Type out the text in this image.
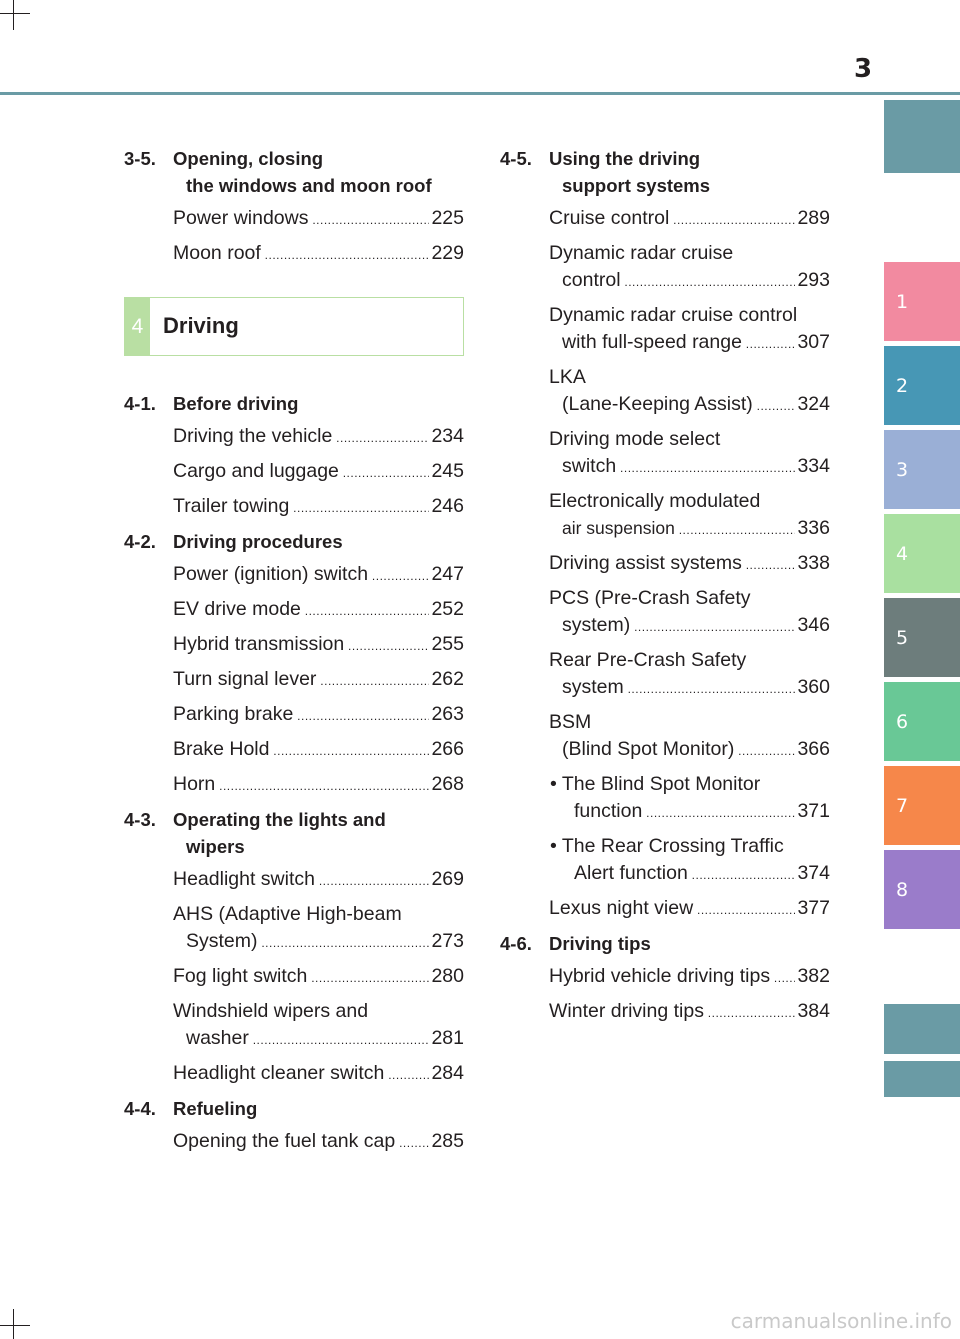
3
1
2
3
4
5
6
7
8
3-5. Opening, closing
the windows and moon roof
Power windows .....	225
Moon roof .....	229
4-1. Before driving
Driving the vehicle .....	234
Cargo and luggage .....	245
Trailer towing .....	246
4-2. Driving procedures
Power (ignition) switch .....	247
EV drive mode .....	252
Hybrid transmission .....	255
Turn signal lever .....	262
Parking brake .....	263
Brake Hold .....	266
Horn .....	268
4-3. Operating the lights and
wipers
Headlight switch .....	269
AHS (Adaptive High-beam
System) .....	273
Fog light switch .....	280
Windshield wipers and
washer .....	281
Headlight cleaner switch .....	284
4-4. Refueling
Opening the fuel tank cap .....	285
4 Driving
4-5. Using the driving
support systems
Cruise control .....	289
Dynamic radar cruise
control .....	293
Dynamic radar cruise control
with full-speed range .....	307
LKA
(Lane-Keeping Assist) .....	324
Driving mode select
switch .....	334
Electronically modulated
air suspension .....	336
Driving assist systems .....	338
PCS (Pre-Crash Safety
system) .....	346
Rear Pre-Crash Safety
system .....	360
BSM
(Blind Spot Monitor) .....	366
• The Blind Spot Monitor
function .....	371
• The Rear Crossing Traffic
Alert function .....	374
Lexus night view .....	377
4-6. Driving tips
Hybrid vehicle driving tips .....	382
Winter driving tips .....	384
carmanualsonline.info
